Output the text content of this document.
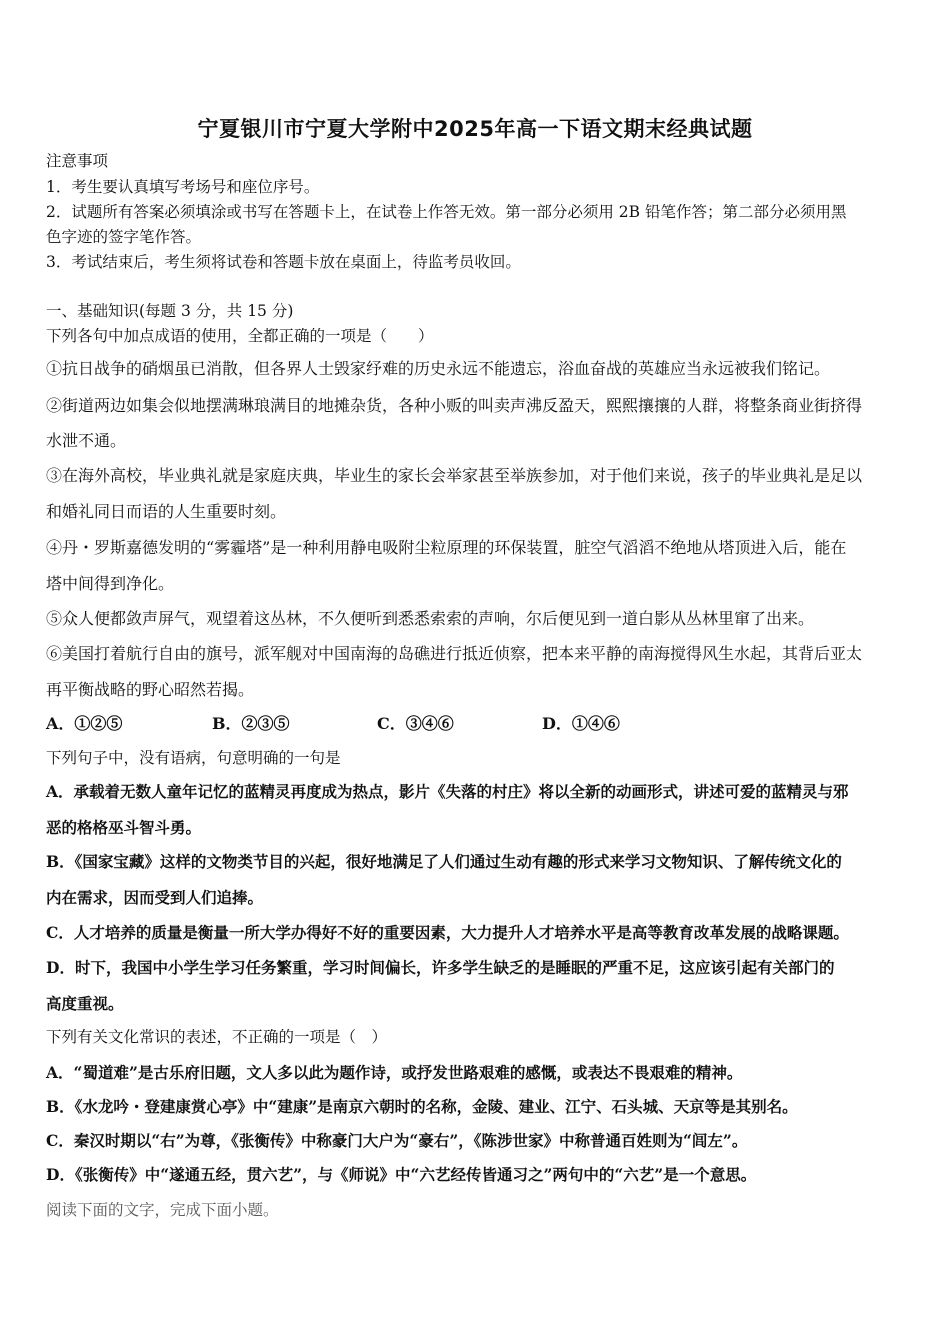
宁夏银川市宁夏大学附中2025年高一下语文期末经典试题
注意事项
1．考生要认真填写考场号和座位序号。
2．试题所有答案必须填涂或书写在答题卡上，在试卷上作答无效。第一部分必须用 2B 铅笔作答；第二部分必须用黑
色字迹的签字笔作答。
3．考试结束后，考生须将试卷和答题卡放在桌面上，待监考员收回。
一、基础知识(每题 3 分，共 15 分)
下列各句中加点成语的使用，全都正确的一项是（　　）
①抗日战争的硝烟虽已消散，但各界人士毁家纾难的历史永远不能遗忘，浴血奋战的英雄应当永远被我们铭记。
②街道两边如集会似地摆满琳琅满目的地摊杂货，各种小贩的叫卖声沸反盈天，熙熙攘攘的人群，将整条商业街挤得
水泄不通。
③在海外高校，毕业典礼就是家庭庆典，毕业生的家长会举家甚至举族参加，对于他们来说，孩子的毕业典礼是足以
和婚礼同日而语的人生重要时刻。
④丹・罗斯嘉德发明的“雾霾塔”是一种利用静电吸附尘粒原理的环保装置，脏空气滔滔不绝地从塔顶进入后，能在
塔中间得到净化。
⑤众人便都敛声屏气，观望着这丛林，不久便听到悉悉索索的声响，尔后便见到一道白影从丛林里窜了出来。
⑥美国打着航行自由的旗号，派军舰对中国南海的岛礁进行抵近侦察，把本来平静的南海搅得风生水起，其背后亚太
再平衡战略的野心昭然若揭。
A．①②⑤	B．②③⑤	C．③④⑥	D．①④⑥
下列句子中，没有语病，句意明确的一句是
A．承载着无数人童年记忆的蓝精灵再度成为热点，影片《失落的村庄》将以全新的动画形式，讲述可爱的蓝精灵与邪
恶的格格巫斗智斗勇。
B．《国家宝藏》这样的文物类节目的兴起，很好地满足了人们通过生动有趣的形式来学习文物知识、了解传统文化的
内在需求，因而受到人们追捧。
C．人才培养的质量是衡量一所大学办得好不好的重要因素，大力提升人才培养水平是高等教育改革发展的战略课题。
D．时下，我国中小学生学习任务繁重，学习时间偏长，许多学生缺乏的是睡眠的严重不足，这应该引起有关部门的
高度重视。
下列有关文化常识的表述，不正确的一项是（　）
A．“蜀道难”是古乐府旧题，文人多以此为题作诗，或抒发世路艰难的感慨，或表达不畏艰难的精神。
B．《水龙吟・登建康赏心亭》中“建康”是南京六朝时的名称，金陵、建业、江宁、石头城、天京等是其别名。
C．秦汉时期以“右”为尊，《张衡传》中称豪门大户为“豪右”，《陈涉世家》中称普通百姓则为“闾左”。
D．《张衡传》中“遂通五经，贯六艺”，与《师说》中“六艺经传皆通习之”两句中的“六艺”是一个意思。
阅读下面的文字，完成下面小题。
